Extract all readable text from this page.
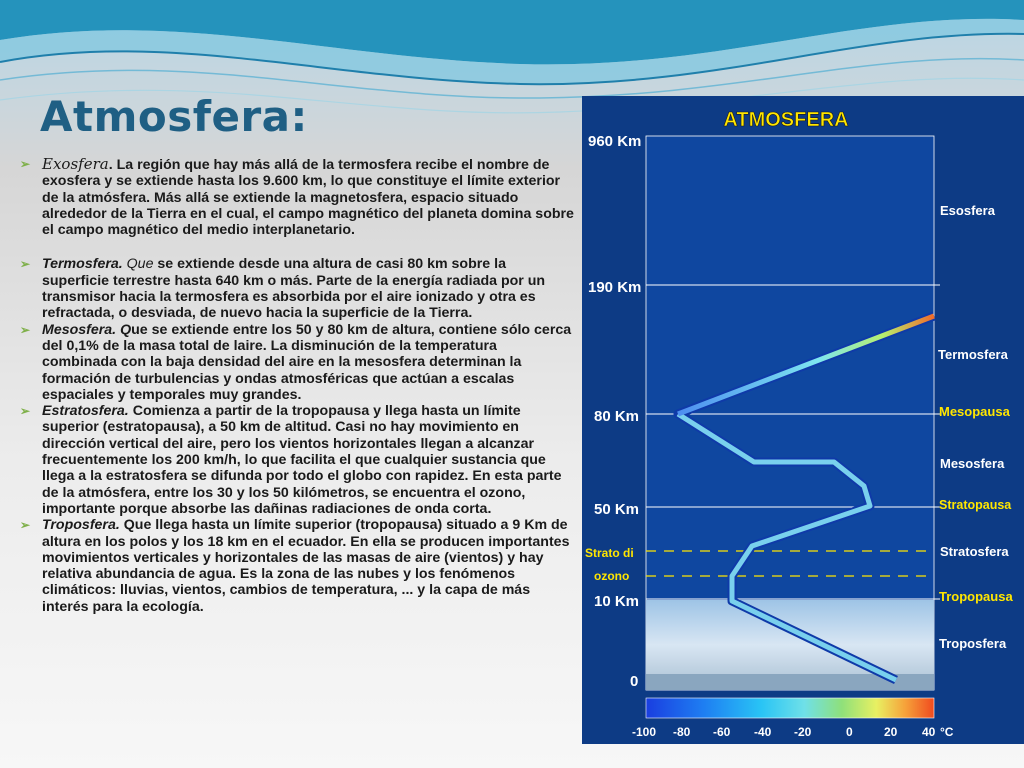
Atmosfera:
➢ Exosfera. La región que hay más allá de la termosfera recibe el nombre de exosfera y se extiende hasta los 9.600 km, lo que constituye el límite exterior de la atmósfera. Más allá se extiende la magnetosfera, espacio situado alrededor de la Tierra en el cual, el campo magnético del planeta domina sobre el campo magnético del medio interplanetario.
➢ Termosfera. Que se extiende desde una altura de casi 80 km sobre la superficie terrestre hasta 640 km o más. Parte de la energía radiada por un transmisor hacia la termosfera es absorbida por el aire ionizado y otra es refractada, o desviada, de nuevo hacia la superficie de la Tierra.
➢ Mesosfera. Que se extiende entre los 50 y 80 km de altura, contiene sólo cerca del 0,1% de la masa total de laire. La disminución de la temperatura combinada con la baja densidad del aire en la mesosfera determinan la formación de turbulencias y ondas atmosféricas que actúan a escalas espaciales y temporales muy grandes.
➢ Estratosfera. Comienza a partir de la tropopausa y llega hasta un límite superior (estratopausa), a 50 km de altitud. Casi no hay movimiento en dirección vertical del aire, pero los vientos horizontales llegan a alcanzar frecuentemente los 200 km/h, lo que facilita el que cualquier sustancia que llega a la estratosfera se difunda por todo el globo con rapidez. En esta parte de la atmósfera, entre los 30 y los 50 kilómetros, se encuentra el ozono, importante porque absorbe las dañinas radiaciones de onda corta.
➢ Troposfera. Que llega hasta un límite superior (tropopausa) situado a 9 Km de altura en los polos y los 18 km en el ecuador. En ella se producen importantes movimientos verticales y horizontales de las masas de aire (vientos) y hay relativa abundancia de agua. Es la zona de las nubes y los fenómenos climáticos: lluvias, vientos, cambios de temperatura, ... y la capa de más interés para la ecología.
ATMOSFERA
960 Km
190 Km
80 Km
50 Km
10 Km
0
Strato di
ozono
Esosfera
Termosfera
Mesopausa
Mesosfera
Stratopausa
Stratosfera
Tropopausa
Troposfera
-100 -80 -60 -40 -20	0	20 40 °C
